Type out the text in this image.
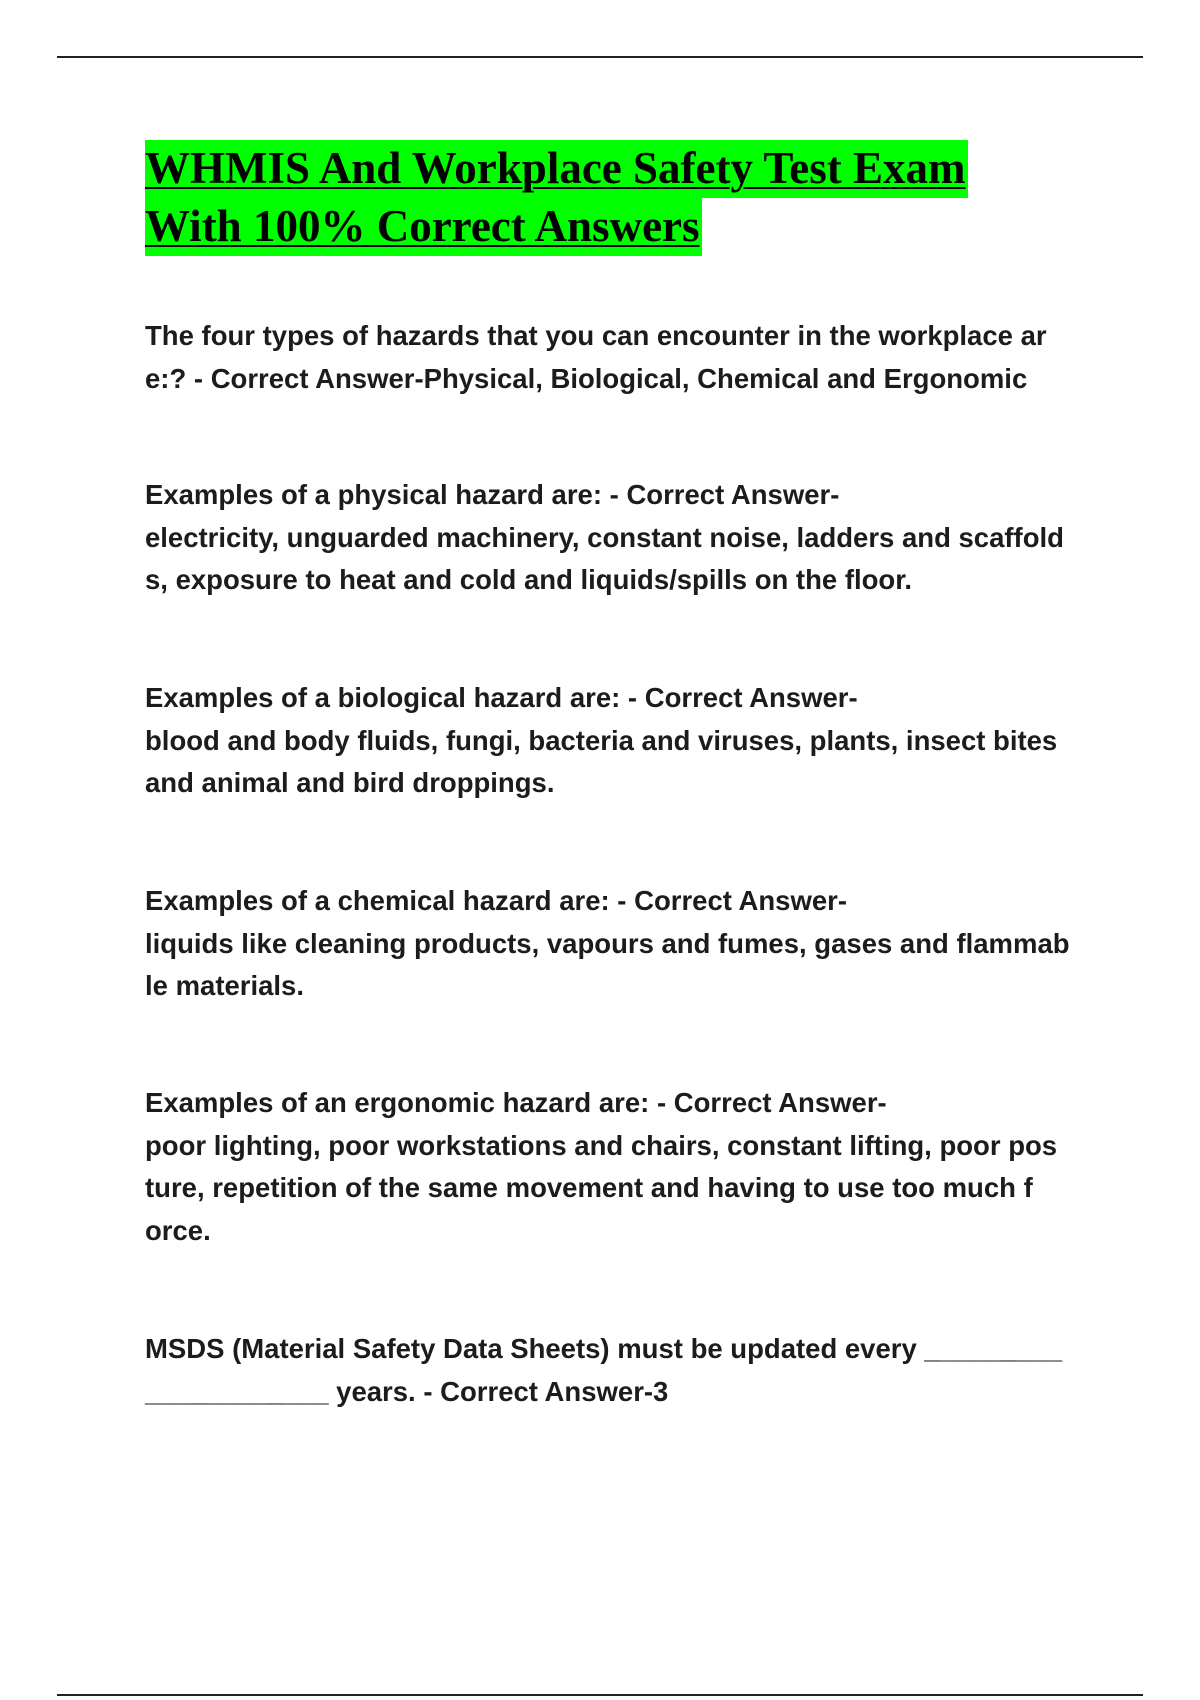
WHMIS And Workplace Safety Test Exam
With 100% Correct Answers

The four types of hazards that you can encounter in the workplace ar
e:? - Correct Answer-Physical, Biological, Chemical and Ergonomic

Examples of a physical hazard are: - Correct Answer-
electricity, unguarded machinery, constant noise, ladders and scaffold
s, exposure to heat and cold and liquids/spills on the floor.

Examples of a biological hazard are: - Correct Answer-
blood and body fluids, fungi, bacteria and viruses, plants, insect bites
and animal and bird droppings.

Examples of a chemical hazard are: - Correct Answer-
liquids like cleaning products, vapours and fumes, gases and flammab
le materials.

Examples of an ergonomic hazard are: - Correct Answer-
poor lighting, poor workstations and chairs, constant lifting, poor pos
ture, repetition of the same movement and having to use too much f
orce.

MSDS (Material Safety Data Sheets) must be updated every _________
____________ years. - Correct Answer-3
